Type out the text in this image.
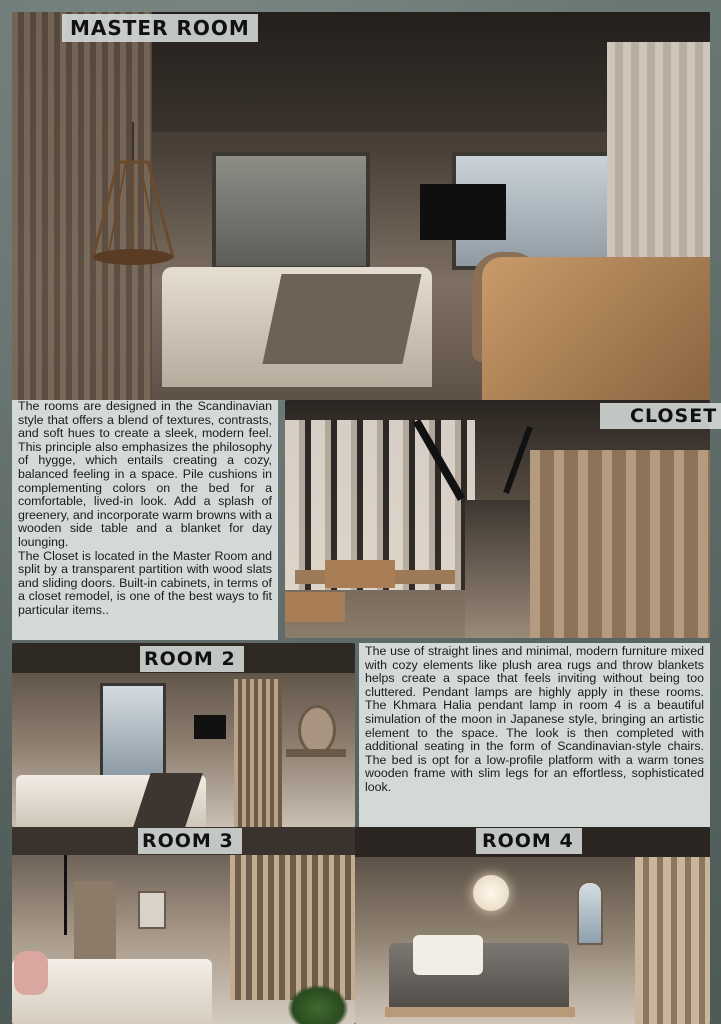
MASTER ROOM

The rooms are designed in the Scandinavian style that offers a blend of textures, contrasts, and soft hues to create a sleek, modern feel. This principle also emphasizes the philosophy of hygge, which entails creating a cozy, balanced feeling in a space. Pile cushions in complementing colors on the bed for a comfortable, lived-in look. Add a splash of greenery, and incorporate warm browns with a wooden side table and a blanket for day lounging.

The Closet is located in the Master Room and split by a transparent partition with wood slats and sliding doors. Built-in cabinets, in terms of a closet remodel, is one of the best ways to fit particular items..

CLOSET
ROOM 2	The use of straight lines and minimal, modern furniture mixed with cozy elements like plush area rugs and throw blankets helps create a space that feels inviting without being too cluttered. Pendant lamps are highly apply in these rooms. The Khmara Halia pendant lamp in room 4 is a beautiful simulation of the moon in Japanese style, bringing an artistic element to the space. The look is then completed with additional seating in the form of Scandinavian-style chairs. The bed is opt for a low-profile platform with a warm tones wooden frame with slim legs for an effortless, sophisticated look.

ROOM 3	ROOM 4
